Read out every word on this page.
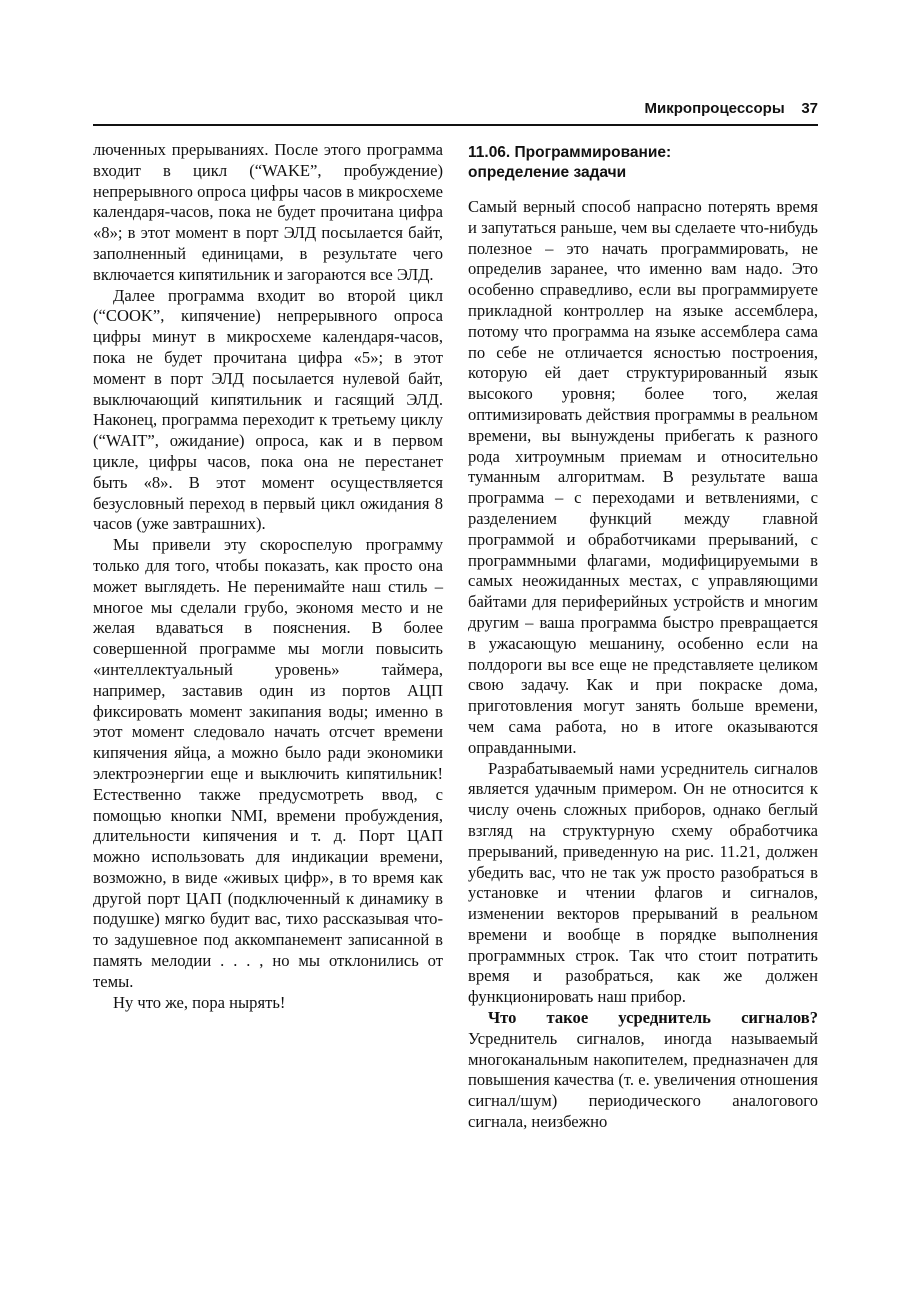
Микропроцессоры 37

люченных прерываниях. После этого программа входит в цикл (“WAKE”, пробуждение) непрерывного опроса цифры часов в микросхеме календаря-часов, пока не будет прочитана цифра «8»; в этот момент в порт ЭЛД посылается байт, заполненный единицами, в результате чего включается кипятильник и загораются все ЭЛД.

Далее программа входит во второй цикл (“COOK”, кипячение) непрерывного опроса цифры минут в микросхеме календаря-часов, пока не будет прочитана цифра «5»; в этот момент в порт ЭЛД посылается нулевой байт, выключающий кипятильник и гасящий ЭЛД. Наконец, программа переходит к третьему циклу (“WAIT”, ожидание) опроса, как и в первом цикле, цифры часов, пока она не перестанет быть «8». В этот момент осуществляется безусловный переход в первый цикл ожидания 8 часов (уже завтрашних).

Мы привели эту скороспелую программу только для того, чтобы показать, как просто она может выглядеть. Не перенимайте наш стиль – многое мы сделали грубо, экономя место и не желая вдаваться в пояснения. В более совершенной программе мы могли повысить «интеллектуальный уровень» таймера, например, заставив один из портов АЦП фиксировать момент закипания воды; именно в этот момент следовало начать отсчет времени кипячения яйца, а можно было ради экономики электроэнергии еще и выключить кипятильник! Естественно также предусмотреть ввод, с помощью кнопки NMI, времени пробуждения, длительности кипячения и т. д. Порт ЦАП можно использовать для индикации времени, возможно, в виде «живых цифр», в то время как другой порт ЦАП (подключенный к динамику в подушке) мягко будит вас, тихо рассказывая что-то задушевное под аккомпанемент записанной в память мелодии . . . , но мы отклонились от темы.

Ну что же, пора нырять!

11.06. Программирование:
определение задачи

Самый верный способ напрасно потерять время и запутаться раньше, чем вы сделаете что-нибудь полезное – это начать программировать, не определив заранее, что именно вам надо. Это особенно справедливо, если вы программируете прикладной контроллер на языке ассемблера, потому что программа на языке ассемблера сама по себе не отличается ясностью построения, которую ей дает структурированный язык высокого уровня; более того, желая оптимизировать действия программы в реальном времени, вы вынуждены прибегать к разного рода хитроумным приемам и относительно туманным алгоритмам. В результате ваша программа – с переходами и ветвлениями, с разделением функций между главной программой и обработчиками прерываний, с программными флагами, модифицируемыми в самых неожиданных местах, с управляющими байтами для периферийных устройств и многим другим – ваша программа быстро превращается в ужасающую мешанину, особенно если на полдороги вы все еще не представляете целиком свою задачу. Как и при покраске дома, приготовления могут занять больше времени, чем сама работа, но в итоге оказываются оправданными.

Разрабатываемый нами усреднитель сигналов является удачным примером. Он не относится к числу очень сложных приборов, однако беглый взгляд на структурную схему обработчика прерываний, приведенную на рис. 11.21, должен убедить вас, что не так уж просто разобраться в установке и чтении флагов и сигналов, изменении векторов прерываний в реальном времени и вообще в порядке выполнения программных строк. Так что стоит потратить время и разобраться, как же должен функционировать наш прибор.

Что такое усреднитель сигналов? Усреднитель сигналов, иногда называемый многоканальным накопителем, предназначен для повышения качества (т. е. увеличения отношения сигнал/шум) периодического аналогового сигнала, неизбежно
